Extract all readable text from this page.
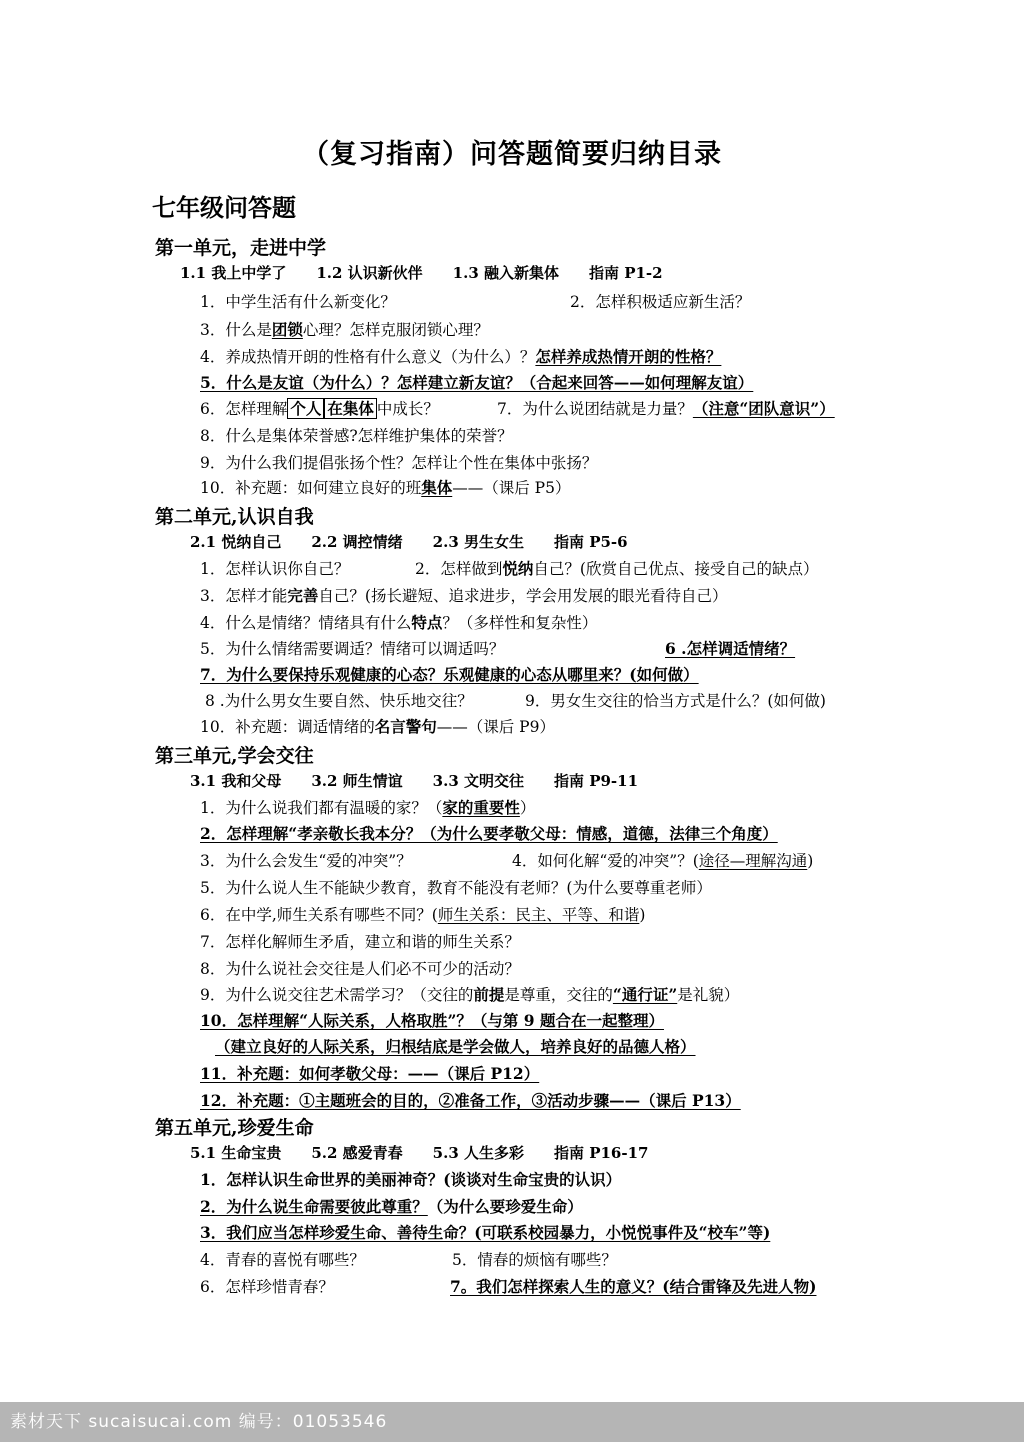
（复习指南）问答题简要归纳目录
七年级问答题
第一单元，走进中学
1.1 我上中学了 1.2 认识新伙伴 1.3 融入新集体 指南 P1-2
1．中学生活有什么新变化？	2．怎样积极适应新生活？
3．什么是团锁心理？怎样克服闭锁心理？
4．养成热情开朗的性格有什么意义（为什么）？怎样养成热情开朗的性格？
5．什么是友谊（为什么）？怎样建立新友谊？（合起来回答——如何理解友谊）
6．怎样理解 个人 在集体 中成长？	7．为什么说团结就是力量？（注意“团队意识”）
8．什么是集体荣誉感?怎样维护集体的荣誉？
9．为什么我们提倡张扬个性？怎样让个性在集体中张扬？
10．补充题：如何建立良好的班集体——（课后 P5）
第二单元,认识自我
2.1 悦纳自己 2.2 调控情绪 2.3 男生女生 指南 P5-6
1．怎样认识你自己？	2．怎样做到悦纳自己？(欣赏自己优点、接受自己的缺点）
3．怎样才能完善自己？(扬长避短、追求进步，学会用发展的眼光看待自己）
4．什么是情绪？情绪具有什么特点？（多样性和复杂性）
5．为什么情绪需要调适？情绪可以调适吗？	6 .怎样调适情绪？
7．为什么要保持乐观健康的心态？乐观健康的心态从哪里来？(如何做）
8 .为什么男女生要自然、快乐地交往？	9．男女生交往的恰当方式是什么？(如何做)
10．补充题：调适情绪的名言警句——（课后 P9）
第三单元,学会交往
3.1 我和父母 3.2 师生情谊 3.3 文明交往 指南 P9-11
1．为什么说我们都有温暖的家？（家的重要性）
2．怎样理解“孝亲敬长我本分？（为什么要孝敬父母：情感，道德，法律三个角度）
3．为什么会发生“爱的冲突”？	4．如何化解“爱的冲突”？(途径—理解沟通)
5．为什么说人生不能缺少教育，教育不能没有老师？(为什么要尊重老师）
6．在中学,师生关系有哪些不同？(师生关系：民主、平等、和谐)
7．怎样化解师生矛盾，建立和谐的师生关系？
8．为什么说社会交往是人们必不可少的活动？
9．为什么说交往艺术需学习？（交往的前提是尊重，交往的“通行证”是礼貌）
10．怎样理解“人际关系，人格取胜”？（与第 9 题合在一起整理）
（建立良好的人际关系，归根结底是学会做人，培养良好的品德人格）
11．补充题：如何孝敬父母：——（课后 P12）
12．补充题：①主题班会的目的，②准备工作，③活动步骤——（课后 P13）
第五单元,珍爱生命
5.1 生命宝贵 5.2 感爱青春 5.3 人生多彩 指南 P16-17
1．怎样认识生命世界的美丽神奇？(谈谈对生命宝贵的认识）
2．为什么说生命需要彼此尊重？（为什么要珍爱生命）
3．我们应当怎样珍爱生命、善待生命？(可联系校园暴力，小悦悦事件及“校车”等)
4．青春的喜悦有哪些？	5．情春的烦恼有哪些？
6．怎样珍惜青春？	7。我们怎样探索人生的意义？(结合雷锋及先进人物)
素材天下 sucaisucai.com 编号：01053546
